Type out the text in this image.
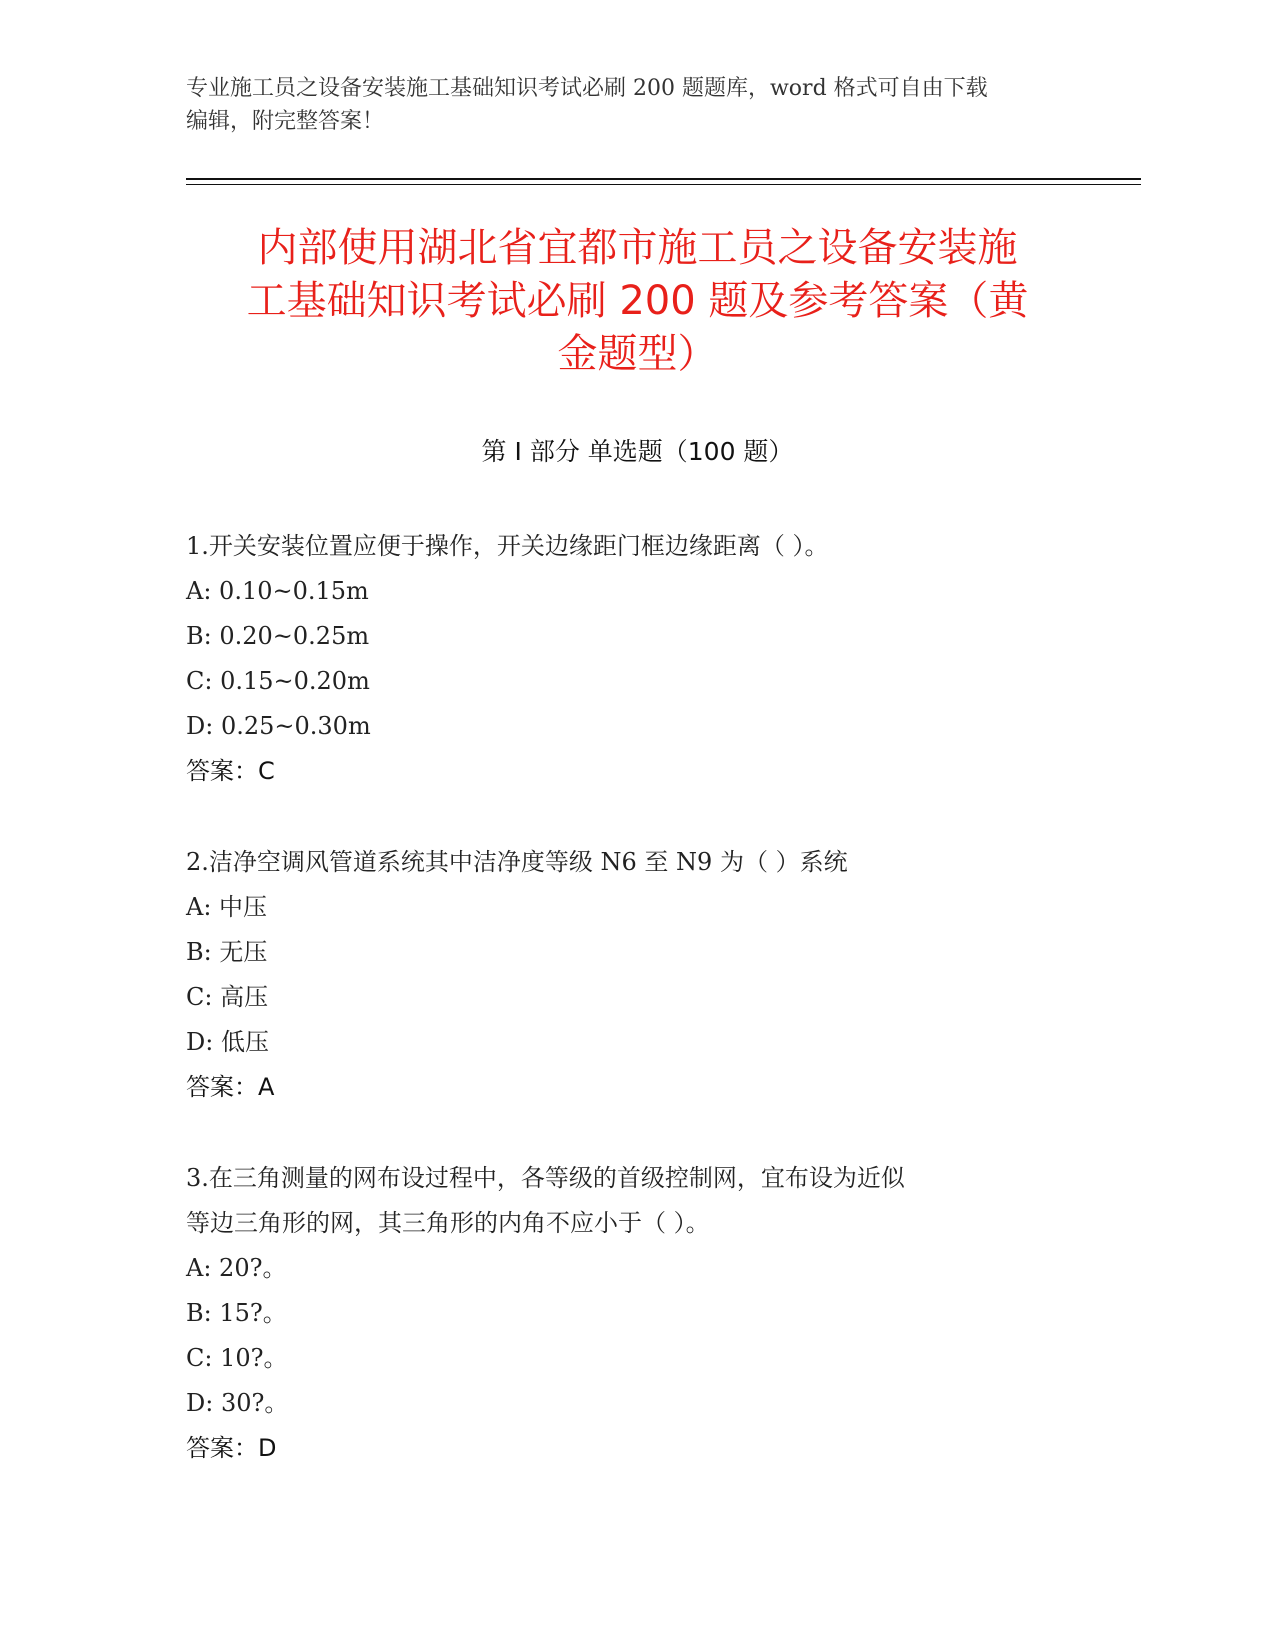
专业施工员之设备安装施工基础知识考试必刷 200 题题库，word 格式可自由下载
编辑，附完整答案！
内部使用湖北省宜都市施工员之设备安装施
工基础知识考试必刷 200 题及参考答案（黄
金题型）
第 I 部分 单选题（100 题）
1.开关安装位置应便于操作，开关边缘距门框边缘距离（ ）。
A: 0.10~0.15m
B: 0.20~0.25m
C: 0.15~0.20m
D: 0.25~0.30m
答案：C
2.洁净空调风管道系统其中洁净度等级 N6 至 N9 为（ ）系统
A: 中压
B: 无压
C: 高压
D: 低压
答案：A
3.在三角测量的网布设过程中，各等级的首级控制网，宜布设为近似
等边三角形的网，其三角形的内角不应小于（ ）。
A: 20?。
B: 15?。
C: 10?。
D: 30?。
答案：D
